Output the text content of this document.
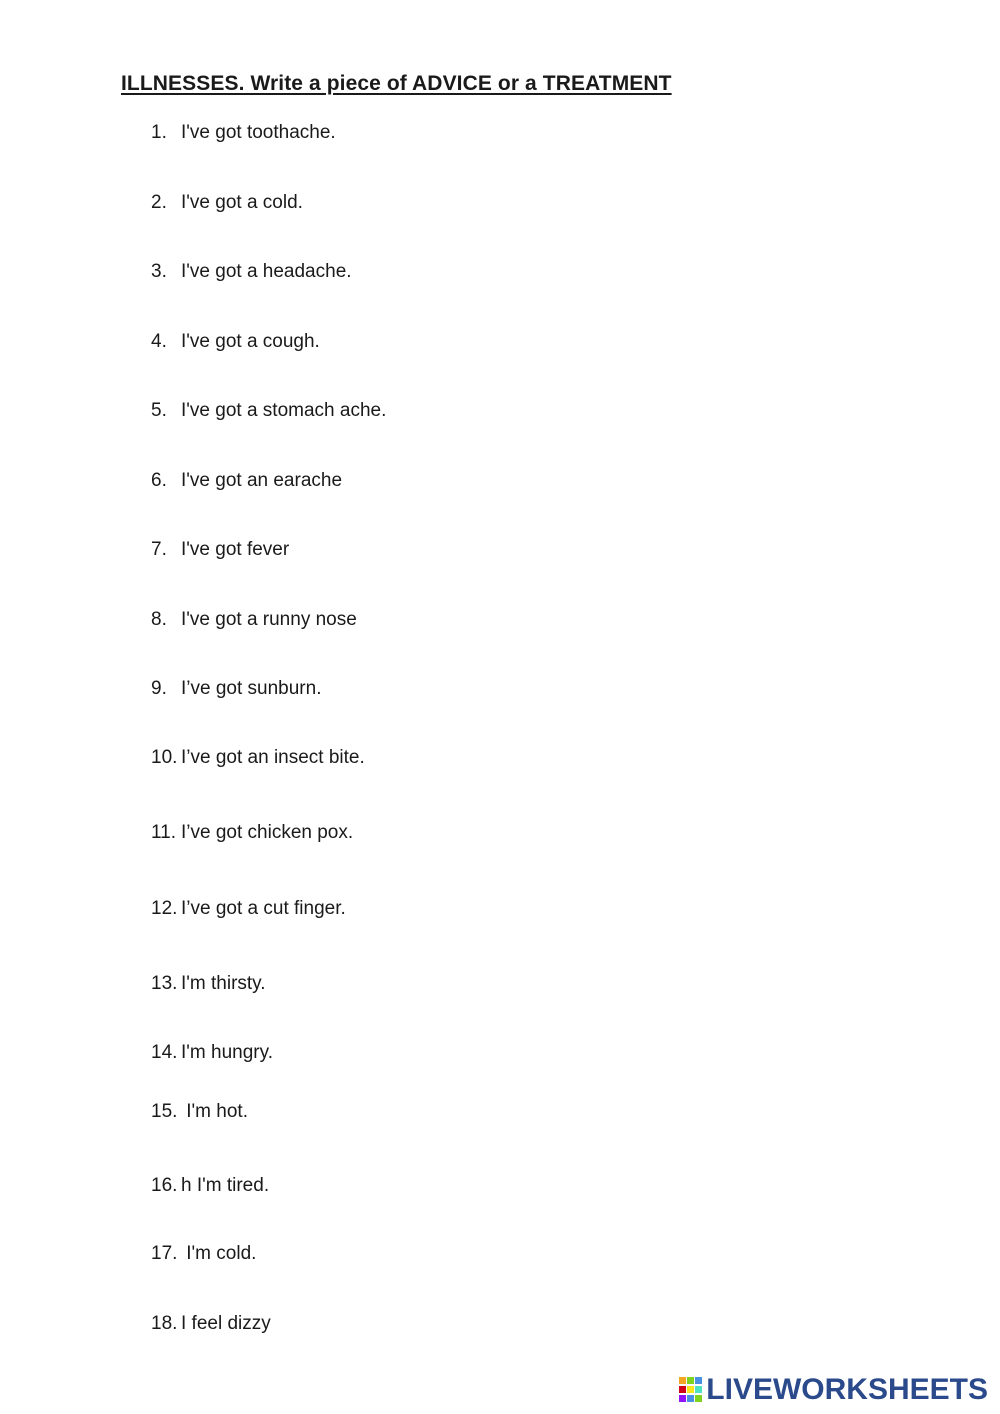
ILLNESSES. Write a piece of ADVICE or a TREATMENT
1. I've got toothache.
2. I've got a cold.
3. I've got a headache.
4. I've got a cough.
5. I've got a stomach ache.
6. I've got an earache
7. I've got fever
8. I've got a runny nose
9. I’ve got sunburn.
10. I’ve got an insect bite.
11. I’ve got chicken pox.
12. I’ve got a cut finger.
13. I'm thirsty.
14. I'm hungry.
15. I'm hot.
16. h I'm tired.
17. I'm cold.
18. I feel dizzy
LIVEWORKSHEETS
